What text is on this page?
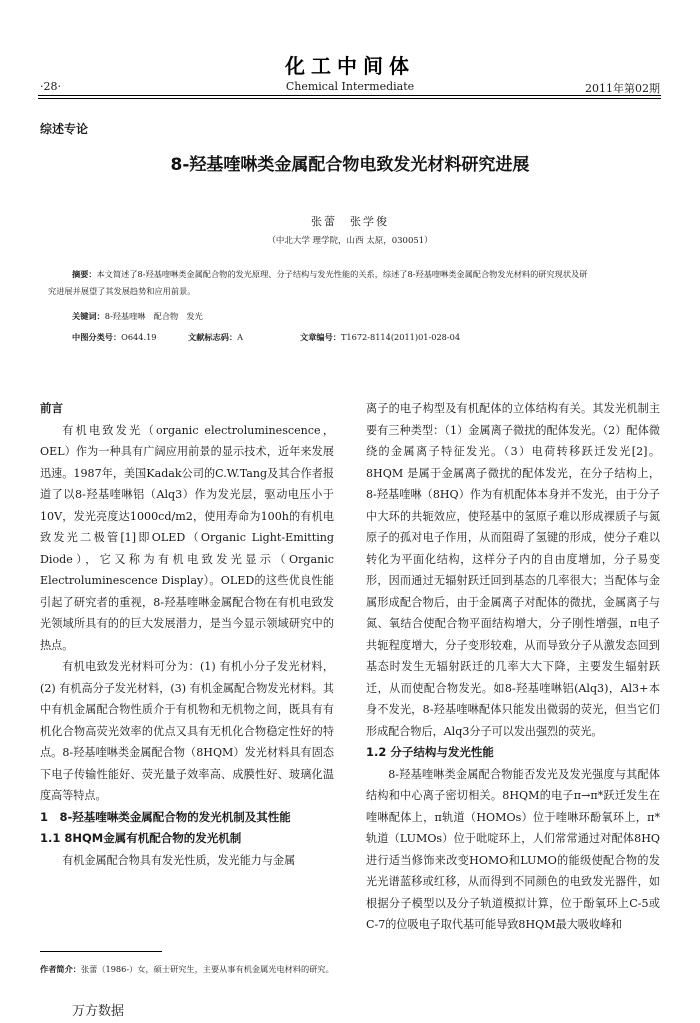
化工中间体
·28·	Chemical Intermediate	2011年第02期
综述专论
8-羟基喹啉类金属配合物电致发光材料研究进展
张蕾　张学俊
（中北大学 理学院，山西 太原，030051）
摘要：本文简述了8-羟基喹啉类金属配合物的发光原理、分子结构与发光性能的关系，综述了8-羟基喹啉类金属配合物发光材料的研究现状及研
究进展并展望了其发展趋势和应用前景。
关键词：8-羟基喹啉　配合物　发光
中图分类号：O644.19	文献标志码：A	文章编号：T1672-8114(2011)01-028-04
前言

有机电致发光（organic electroluminescence，OEL）作为一种具有广阔应用前景的显示技术，近年来发展迅速。1987年，美国Kadak公司的C.W.Tang及其合作者报道了以8-羟基喹啉铝（Alq3）作为发光层，驱动电压小于10V，发光亮度达1000cd/m2，使用寿命为100h的有机电致发光二极管[1]即OLED（Organic Light-Emitting Diode），它又称为有机电致发光显示（Organic Electroluminescence Display）。OLED的这些优良性能引起了研究者的重视，8-羟基喹啉金属配合物在有机电致发光领域所具有的的巨大发展潜力，是当今显示领域研究中的热点。

有机电致发光材料可分为：(1) 有机小分子发光材料，(2) 有机高分子发光材料，(3) 有机金属配合物发光材料。其中有机金属配合物性质介于有机物和无机物之间，既具有有机化合物高荧光效率的优点又具有无机化合物稳定性好的特点。8-羟基喹啉类金属配合物（8HQM）发光材料具有固态下电子传输性能好、荧光量子效率高、成膜性好、玻璃化温度高等特点。

1　8-羟基喹啉类金属配合物的发光机制及其性能
1.1 8HQM金属有机配合物的发光机制

有机金属配合物具有发光性质，发光能力与金属

离子的电子构型及有机配体的立体结构有关。其发光机制主要有三种类型：（1）金属离子微扰的配体发光。（2）配体微绕的金属离子特征发光。（3）电荷转移跃迁发光[2]。8HQM 是属于金属离子微扰的配体发光，在分子结构上，8-羟基喹啉（8HQ）作为有机配体本身并不发光，由于分子中大环的共轭效应，使羟基中的氢原子难以形成裸质子与氮原子的孤对电子作用，从而阻碍了氢键的形成，使分子难以转化为平面化结构，这样分子内的自由度增加，分子易变形，因而通过无辐射跃迁回到基态的几率很大；当配体与金属形成配合物后，由于金属离子对配体的微扰，金属离子与氮、氧结合使配合物平面结构增大，分子刚性增强，π电子共轭程度增大，分子变形较难，从而导致分子从激发态回到基态时发生无辐射跃迁的几率大大下降，主要发生辐射跃迁，从而使配合物发光。如8-羟基喹啉铝(Alq3)，Al3+本身不发光，8-羟基喹啉配体只能发出微弱的荧光，但当它们形成配合物后，Alq3分子可以发出强烈的荧光。

1.2 分子结构与发光性能

8-羟基喹啉类金属配合物能否发光及发光强度与其配体结构和中心离子密切相关。8HQM的电子π→π*跃迁发生在喹啉配体上，π轨道（HOMOs）位于喹啉环酚氧环上，π*轨道（LUMOs）位于吡啶环上，人们常常通过对配体8HQ进行适当修饰来改变HOMO和LUMO的能级使配合物的发光光谱蓝移或红移，从而得到不同颜色的电致发光器件，如根据分子模型以及分子轨道模拟计算，位于酚氧环上C-5或C-7的位吸电子取代基可能导致8HQM最大吸收峰和

作者简介：张蕾（1986-）女，硕士研究生，主要从事有机金属光电材料的研究。
万方数据
